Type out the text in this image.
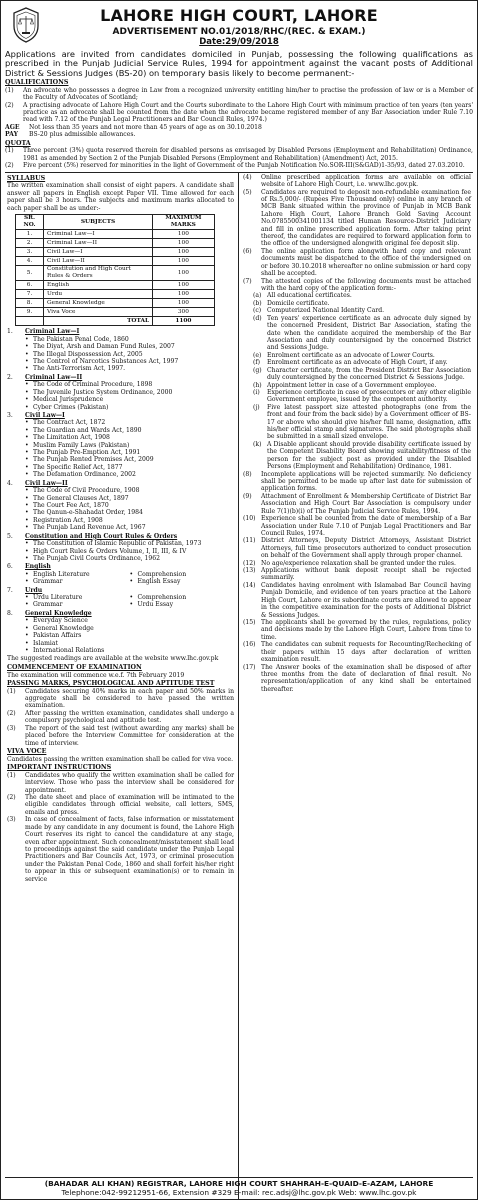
LAHORE HIGH COURT, LAHORE
ADVERTISEMENT NO.01/2018/RHC/(REC. & EXAM.)
Date:29/09/2018
Applications are invited from candidates domiciled in Punjab, possessing the following qualifications as prescribed in the Punjab Judicial Service Rules, 1994 for appointment against the vacant posts of Additional District & Sessions Judges (BS-20) on temporary basis likely to become permanent:-
QUALIFICATIONS
(1)	An advocate who possesses a degree in Law from a recognized university entitling him/her to practise the profession of law or is a Member of the Faculty of Advocates of Scotland;
(2)	A practising advocate of Lahore High Court and the Courts subordinate to the Lahore High Court with minimum practice of ten years (ten years' practice as an advocate shall be counted from the date when the advocate became registered member of any Bar Association under Rule 7.10 read with 7.12 of the Punjab Legal Practitioners and Bar Council Rules, 1974.)
AGE	Not less than 35 years and not more than 45 years of age as on 30.10.2018
PAY	BS-20 plus admissible allowances.
QUOTA
(1)	Three percent (3%) quota reserved therein for disabled persons as envisaged by Disabled Persons (Employment and Rehabilitation) Ordinance, 1981 as amended by Section 2 of the Punjab Disabled Persons (Employment and Rehabilitation) (Amendment) Act, 2015.
(2)	Five percent (5%) reserved for minorities in the light of Government of the Punjab Notification No.SOR-III(S&GAD)1-35/93, dated 27.03.2010.
SYLLABUS
The written examination shall consist of eight papers. A candidate shall answer all papers in English except Paper VII. Time allowed for each paper shall be 3 hours. The subjects and maximum marks allocated to each paper shall be as under:-
SR. NO.	SUBJECTS	MAXIMUM MARKS
1.	Criminal Law—I	100
2.	Criminal Law—II	100
3.	Civil Law—I	100
4.	Civil Law—II	100
5.	Constitution and High Court Rules & Orders	100
6.	English	100
7.	Urdu	100
8.	General Knowledge	100
9.	Viva Voce	300
	TOTAL	1100
1.	Criminal Law—I
• The Pakistan Penal Code, 1860
• The Diyat, Arsh and Daman Fund Rules, 2007
• The Illegal Dispossession Act, 2005
• The Control of Narcotics Substances Act, 1997
• The Anti-Terrorism Act, 1997.
2.	Criminal Law—II
• The Code of Criminal Procedure, 1898
• The Juvenile Justice System Ordinance, 2000
• Medical Jurisprudence
• Cyber Crimes (Pakistan)
3.	Civil Law—I
• The Contract Act, 1872
• The Guardian and Wards Act, 1890
• The Limitation Act, 1908
• Muslim Family Laws (Pakistan)
• The Punjab Pre-Emption Act, 1991
• The Punjab Rented Premises Act, 2009
• The Specific Relief Act, 1877
• The Defamation Ordinance, 2002
4.	Civil Law—II
• The Code of Civil Procedure, 1908
• The General Clauses Act, 1897
• The Court Fee Act, 1870
• The Qanun-e-Shahadat Order, 1984
• Registration Act, 1908
• The Punjab Land Revenue Act, 1967
5.	Constitution and High Court Rules & Orders
• The Constitution of Islamic Republic of Pakistan, 1973
• High Court Rules & Orders Volume, I, II, III, & IV
• The Punjab Civil Courts Ordinance, 1962
6.	English
• English Literature
• Grammar
• Comprehension
• English Essay
7.	Urdu
• Urdu Literature
• Grammar
• Comprehension
• Urdu Essay
8.	General Knowledge
• Everyday Science
• General Knowledge
• Pakistan Affairs
• Islamiat
• International Relations
The suggested readings are available at the website www.lhc.gov.pk
COMMENCEMENT OF EXAMINATION
The examination will commence w.e.f. 7th February 2019
PASSING MARKS, PSYCHOLOGICAL AND APTITUDE TEST
(1)	Candidates securing 40% marks in each paper and 50% marks in aggregate shall be considered to have passed the written examination.
(2)	After passing the written examination, candidates shall undergo a compulsory psychological and aptitude test.
(3)	The report of the said test (without awarding any marks) shall be placed before the Interview Committee for consideration at the time of interview.
VIVA VOCE
Candidates passing the written examination shall be called for viva voce.
IMPORTANT INSTRUCTIONS
(1)	Candidates who qualify the written examination shall be called for interview. Those who pass the interview shall be considered for appointment.
(2)	The date sheet and place of examination will be intimated to the eligible candidates through official website, call letters, SMS, emails and press.
(3)	In case of concealment of facts, false information or misstatement made by any candidate in any document is found, the Lahore High Court reserves its right to cancel the candidature at any stage, even after appointment. Such concealment/misstatement shall lead to proceedings against the said candidate under the Punjab Legal Practitioners and Bar Councils Act, 1973, or criminal prosecution under the Pakistan Penal Code, 1860 and shall forfeit his/her right to appear in this or subsequent examination(s) or to remain in service
(4)	Online prescribed application forms are available on official website of Lahore High Court, i.e. www.lhc.gov.pk.
(5)	Candidates are required to deposit non-refundable examination fee of Rs.5,000/- (Rupees Five Thousand only) online in any branch of MCB Bank situated within the province of Punjab in MCB Bank Lahore High Court, Lahore Branch Gold Saving Account No.0785500341001134 titled Human Resource-District Judiciary and fill in online prescribed application form. After taking print thereof, the candidates are required to forward application form to the office of the undersigned alongwith original fee deposit slip.
(6)	The online application form alongwith hard copy and relevant documents must be dispatched to the office of the undersigned on or before 30.10.2018 whereafter no online submission or hard copy shall be accepted.
(7)	The attested copies of the following documents must be attached with the hard copy of the application form:-
(a) All educational certificates.
(b) Domicile certificate.
(c) Computerized National Identity Card.
(d) Ten years' experience certificate as an advocate duly signed by the concerned President, District Bar Association, stating the date when the candidate acquired the membership of the Bar Association and duly countersigned by the concerned District and Sessions Judge.
(e) Enrolment certificate as an advocate of Lower Courts.
(f)	Enrolment certificate as an advocate of High Court, if any.
(g) Character certificate, from the President District Bar Association duly countersigned by the concerned District & Sessions Judge.
(h) Appointment letter in case of a Government employee.
(i)	Experience certificate in case of prosecutors or any other eligible Government employee, issued by the competent authority.
(j)	Five latest passport size attested photographs (one from the front and four from the back side) by a Government officer of BS-17 or above who should give his/her full name, designation, affix his/her official stamp and signatures. The said photographs shall be submitted in a small sized envelope.
(k) A Disable applicant should provide disability certificate issued by the Competent Disability Board showing suitability/fitness of the person for the subject post as provided under the Disabled Persons (Employment and Rehabilitation) Ordinance, 1981.
(8)	Incomplete applications will be rejected summarily. No deficiency shall be permitted to be made up after last date for submission of application forms.
(9)	Attachment of Enrollment & Membership Certificate of District Bar Association and High Court Bar Association is compulsory under Rule 7(1)(b)(i) of The Punjab Judicial Service Rules, 1994.
(10) Experience shall be counted from the date of membership of a Bar Association under Rule 7.10 of Punjab Legal Practitioners and Bar Council Rules, 1974.
(11) District Attorneys, Deputy District Attorneys, Assistant District Attorneys, full time prosecutors authorized to conduct prosecution on behalf of the Government shall apply through proper channel.
(12) No age/experience relaxation shall be granted under the rules.
(13) Applications without bank deposit receipt shall be rejected summarily.
(14) Candidates having enrolment with Islamabad Bar Council having Punjab Domicile, and evidence of ten years practice at the Lahore High Court, Lahore or its subordinate courts are allowed to appear in the competitive examination for the posts of Additional District & Sessions Judges.
(15) The applicants shall be governed by the rules, regulations, policy and decisions made by the Lahore High Court, Lahore from time to time.
(16) The candidates can submit requests for Recounting/Rechecking of their papers within 15 days after declaration of written examination result.
(17) The Answer books of the examination shall be disposed of after three months from the date of declaration of final result. No representation/application of any kind shall be entertained thereafter.
(BAHADAR ALI KHAN) REGISTRAR, LAHORE HIGH COURT SHAHRAH-E-QUAID-E-AZAM, LAHORE
Telephone:042-99212951-66, Extension #329 E-mail: rec.adsj@lhc.gov.pk Web: www.lhc.gov.pk
